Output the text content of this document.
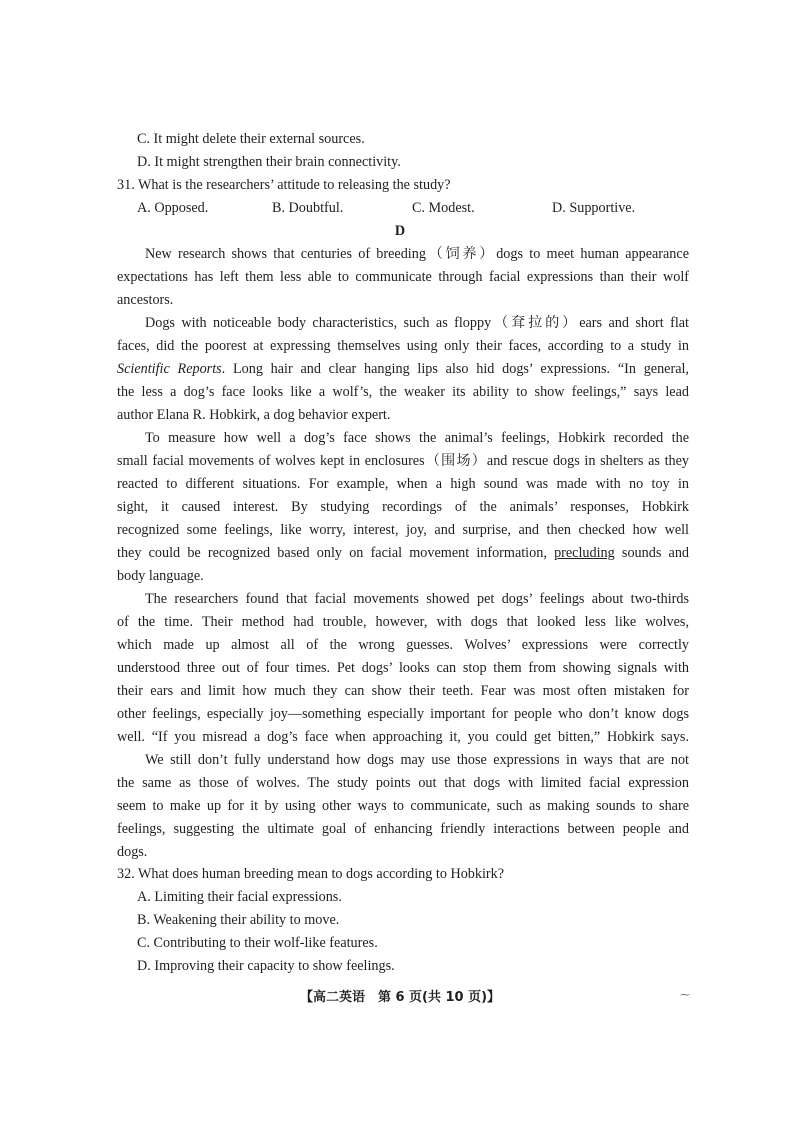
C. It might delete their external sources.
D. It might strengthen their brain connectivity.
31. What is the researchers’ attitude to releasing the study?
A. Opposed.	B. Doubtful.	C. Modest.	D. Supportive.
D
New research shows that centuries of breeding（饲养）dogs to meet human appearance
expectations has left them less able to communicate through facial expressions than their wolf
ancestors.
Dogs with noticeable body characteristics, such as floppy（耷拉的）ears and short flat
faces, did the poorest at expressing themselves using only their faces, according to a study in
Scientific Reports. Long hair and clear hanging lips also hid dogs’ expressions. “In general,
the less a dog’s face looks like a wolf’s, the weaker its ability to show feelings,” says lead
author Elana R. Hobkirk, a dog behavior expert.
To measure how well a dog’s face shows the animal’s feelings, Hobkirk recorded the
small facial movements of wolves kept in enclosures（围场）and rescue dogs in shelters as they
reacted to different situations. For example, when a high sound was made with no toy in
sight, it caused interest. By studying recordings of the animals’ responses, Hobkirk
recognized some feelings, like worry, interest, joy, and surprise, and then checked how well
they could be recognized based only on facial movement information, precluding sounds and
body language.
The researchers found that facial movements showed pet dogs’ feelings about two-thirds
of the time. Their method had trouble, however, with dogs that looked less like wolves,
which made up almost all of the wrong guesses. Wolves’ expressions were correctly
understood three out of four times. Pet dogs’ looks can stop them from showing signals with
their ears and limit how much they can show their teeth. Fear was most often mistaken for
other feelings, especially joy—something especially important for people who don’t know dogs
well. “If you misread a dog’s face when approaching it, you could get bitten,” Hobkirk says.
We still don’t fully understand how dogs may use those expressions in ways that are not
the same as those of wolves. The study points out that dogs with limited facial expression
seem to make up for it by using other ways to communicate, such as making sounds to share
feelings, suggesting the ultimate goal of enhancing friendly interactions between people and
dogs.
32. What does human breeding mean to dogs according to Hobkirk?
A. Limiting their facial expressions.
B. Weakening their ability to move.
C. Contributing to their wolf-like features.
D. Improving their capacity to show feelings.
【高二英语　第 6 页(共 10 页)】	⁓
